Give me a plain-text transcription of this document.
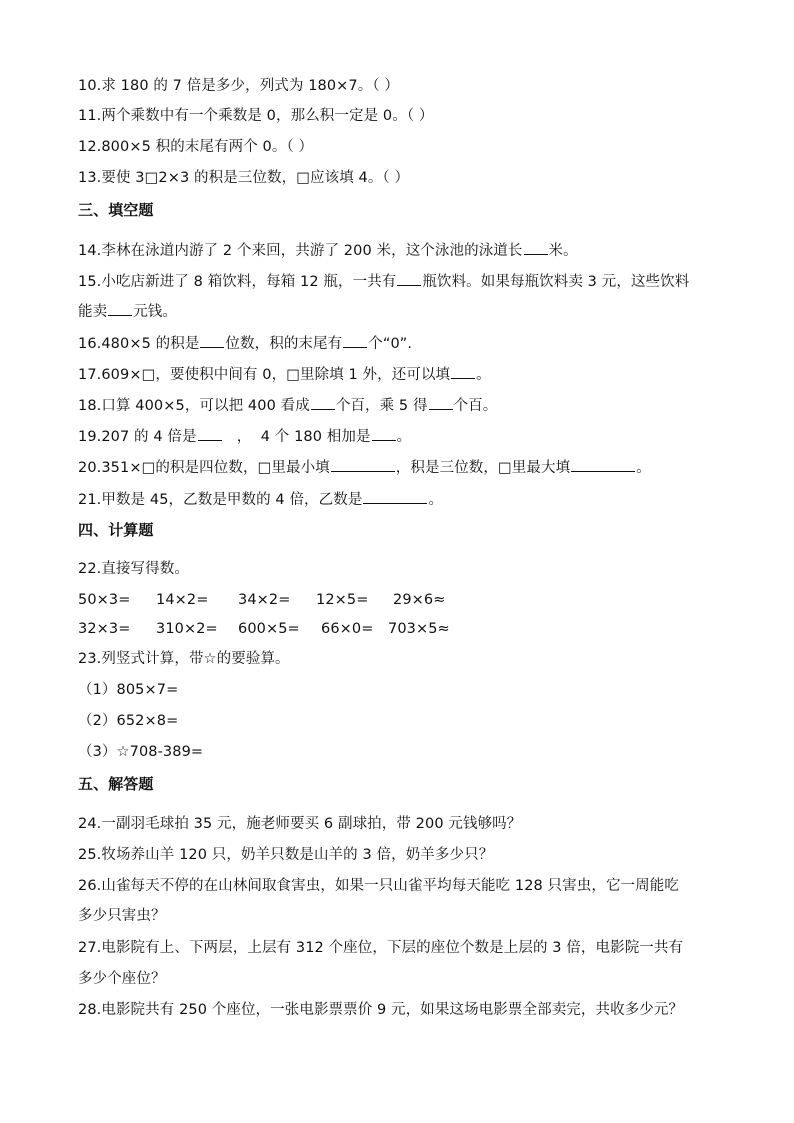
10.求 180 的 7 倍是多少，列式为 180×7。（ ）
11.两个乘数中有一个乘数是 0，那么积一定是 0。（ ）
12.800×5 积的末尾有两个 0。（ ）
13.要使 3□2×3 的积是三位数，□应该填 4。（ ）
三、填空题
14.李林在泳道内游了 2 个来回，共游了 200 米，这个泳池的泳道长 米。
15.小吃店新进了 8 箱饮料，每箱 12 瓶，一共有 瓶饮料。如果每瓶饮料卖 3 元，这些饮料
能卖 元钱。
16.480×5 的积是 位数，积的末尾有 个“0”.
17.609×□，要使积中间有 0，□里除填 1 外，还可以填 。
18.口算 400×5，可以把 400 看成 个百，乘 5 得 个百。
19.207 的 4 倍是   ，  4 个 180 相加是 。
20.351×□的积是四位数，□里最小填	，积是三位数，□里最大填	。
21.甲数是 45，乙数是甲数的 4 倍，乙数是	。
四、计算题
22.直接写得数。
50×3= 14×2= 34×2= 12×5= 29×6≈
32×3= 310×2= 600×5= 66×0= 703×5≈
23.列竖式计算，带☆的要验算。
（1）805×7=
（2）652×8=
（3）☆708-389=
五、解答题
24.一副羽毛球拍 35 元，施老师要买 6 副球拍，带 200 元钱够吗？
25.牧场养山羊 120 只，奶羊只数是山羊的 3 倍，奶羊多少只？
26.山雀每天不停的在山林间取食害虫，如果一只山雀平均每天能吃 128 只害虫，它一周能吃
多少只害虫？
27.电影院有上、下两层，上层有 312 个座位，下层的座位个数是上层的 3 倍，电影院一共有
多少个座位？
28.电影院共有 250 个座位，一张电影票票价 9 元，如果这场电影票全部卖完，共收多少元？
